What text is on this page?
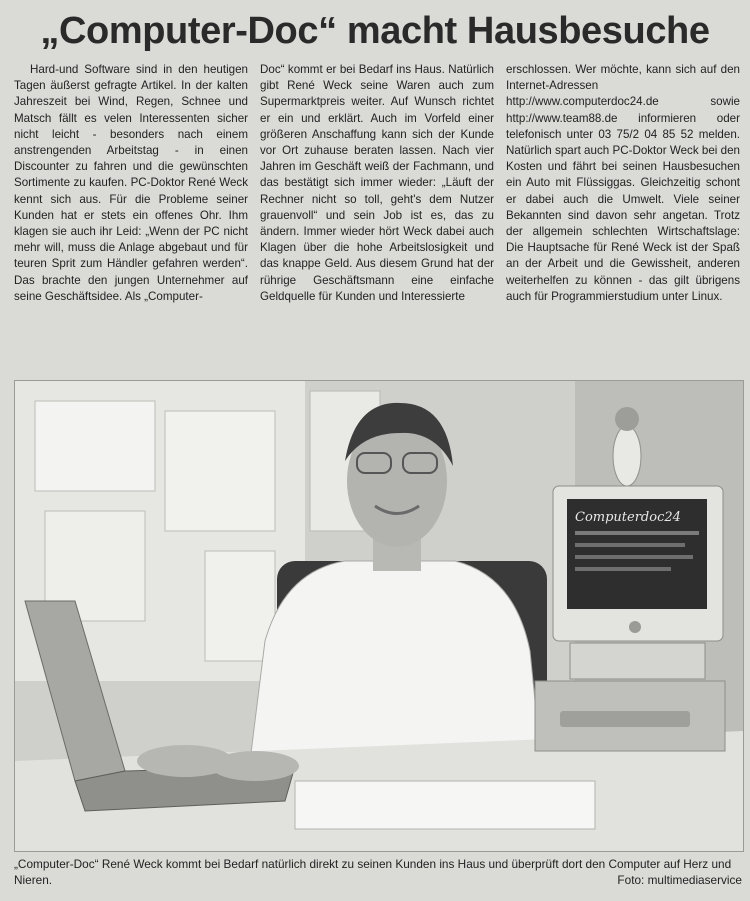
„Computer-Doc“ macht Hausbesuche

Hard-und Software sind in den heutigen Tagen äußerst gefragte Artikel. In der kalten Jahreszeit bei Wind, Regen, Schnee und Matsch fällt es velen Interessenten sicher nicht leicht - besonders nach einem anstrengenden Arbeitstag - in einen Discounter zu fahren und die gewünschten Sortimente zu kaufen. PC-Doktor René Weck kennt sich aus. Für die Probleme seiner Kunden hat er stets ein offenes Ohr. Ihm klagen sie auch ihr Leid: „Wenn der PC nicht mehr will, muss die Anlage abgebaut und für teuren Sprit zum Händler gefahren werden“. Das brachte den jungen Unternehmer auf seine Geschäftsidee. Als „Computer-

Doc“ kommt er bei Bedarf ins Haus. Natürlich gibt René Weck seine Waren auch zum Supermarktpreis weiter. Auf Wunsch richtet er ein und erklärt. Auch im Vorfeld einer größeren Anschaffung kann sich der Kunde vor Ort zuhause beraten lassen. Nach vier Jahren im Geschäft weiß der Fachmann, und das bestätigt sich immer wieder: „Läuft der Rechner nicht so toll, geht's dem Nutzer grauenvoll“ und sein Job ist es, das zu ändern. Immer wieder hört Weck dabei auch Klagen über die hohe Arbeitslosigkeit und das knappe Geld. Aus diesem Grund hat der rührige Geschäftsmann eine einfache Geldquelle für Kunden und Interessierte

erschlossen. Wer möchte, kann sich auf den Internet-Adressen http://www.computerdoc24.de sowie http://www.team88.de informieren oder telefonisch unter 03 75/2 04 85 52 melden. Natürlich spart auch PC-Doktor Weck bei den Kosten und fährt bei seinen Hausbesuchen ein Auto mit Flüssiggas. Gleichzeitig schont er dabei auch die Umwelt. Viele seiner Bekannten sind davon sehr angetan. Trotz der allgemein schlechten Wirtschaftslage: Die Hauptsache für René Weck ist der Spaß an der Arbeit und die Gewissheit, anderen weiterhelfen zu können - das gilt übrigens auch für Programmierstudium unter Linux.

Computerdoc24
„Computer-Doc“ René Weck kommt bei Bedarf natürlich direkt zu seinen Kunden ins Haus und überprüft dort den Computer auf Herz und Nieren.	Foto: multimediaservice
